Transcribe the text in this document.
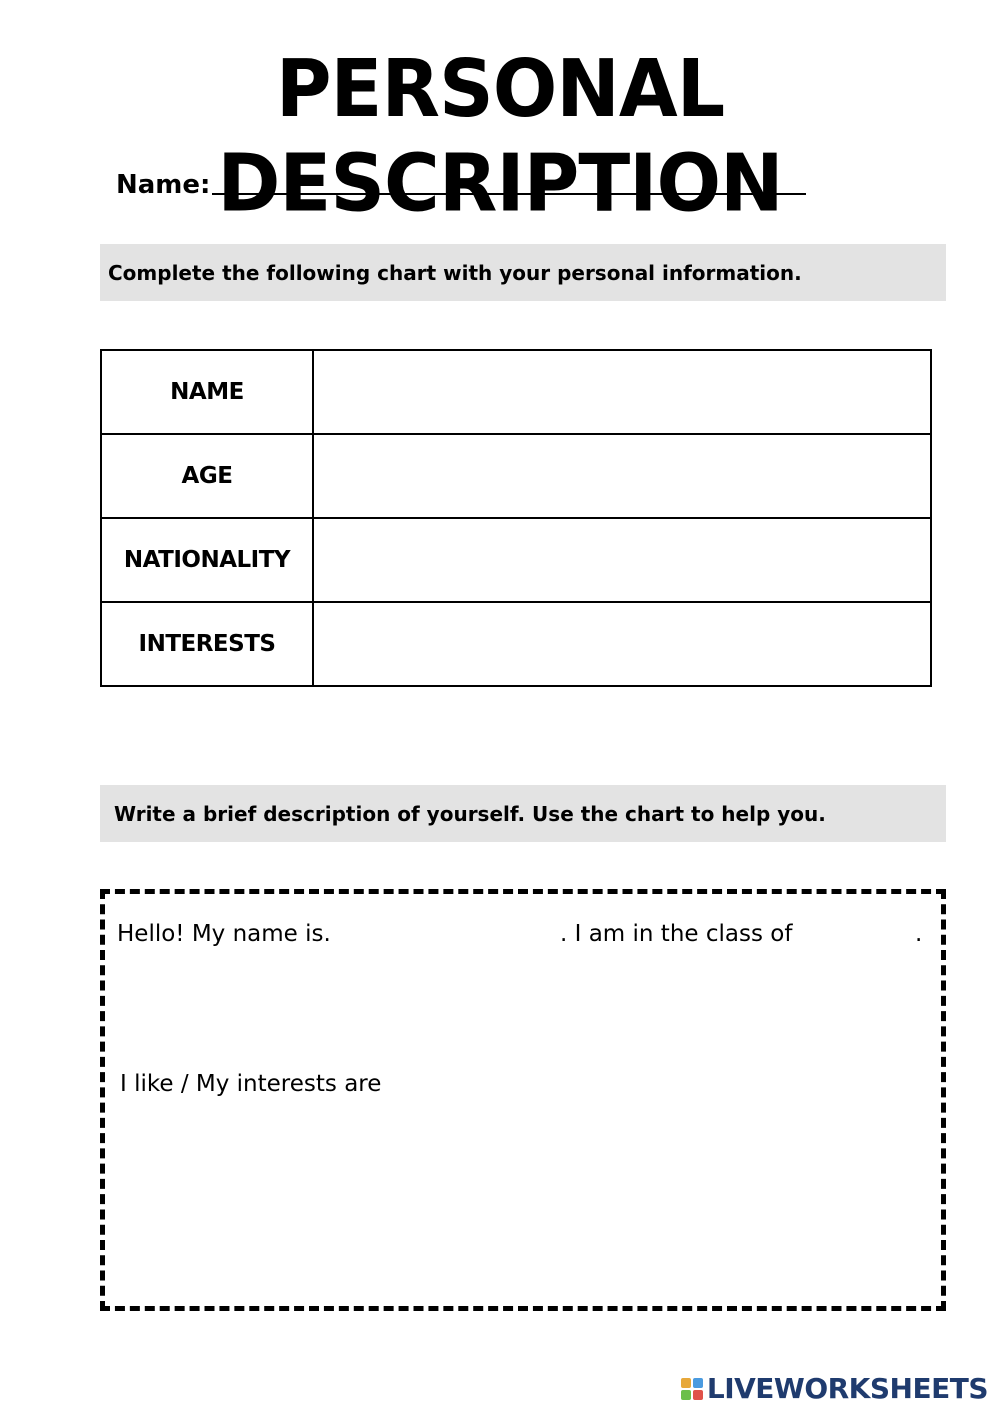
PERSONAL DESCRIPTION
Name:
Complete the following chart with your personal information.
NAME	
AGE	
NATIONALITY	
INTERESTS	
Write a brief description of yourself. Use the chart to help you.
Hello! My name is.	. I am in the class of	.
I like / My interests are
LIVEWORKSHEETS
